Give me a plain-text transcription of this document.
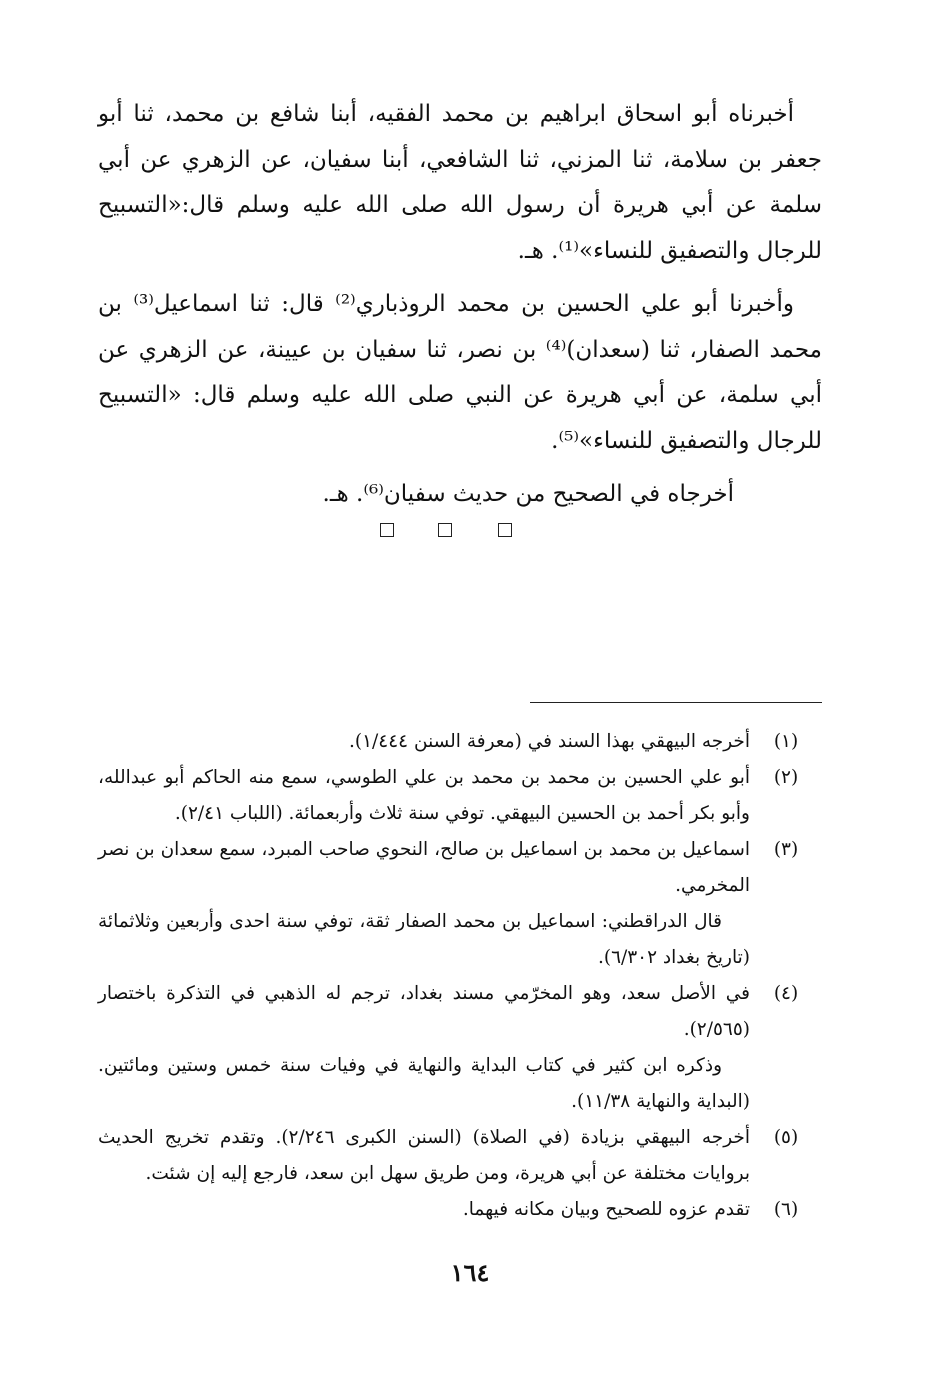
أخبرناه أبو اسحاق ابراهيم بن محمد الفقيه، أبنا شافع بن محمد، ثنا أبو جعفر بن سلامة، ثنا المزني، ثنا الشافعي، أبنا سفيان، عن الزهري عن أبي سلمة عن أبي هريرة أن رسول الله صلى الله عليه وسلم قال:«التسبيح للرجال والتصفيق للنساء»⁽¹⁾. هـ.

وأخبرنا أبو علي الحسين بن محمد الروذباري⁽²⁾ قال: ثنا اسماعيل⁽³⁾ بن محمد الصفار، ثنا (سعدان)⁽⁴⁾ بن نصر، ثنا سفيان بن عيينة، عن الزهري عن أبي سلمة، عن أبي هريرة عن النبي صلى الله عليه وسلم قال: «التسبيح للرجال والتصفيق للنساء»⁽⁵⁾.

أخرجاه في الصحيح من حديث سفيان⁽⁶⁾. هـ.

(١)
أخرجه البيهقي بهذا السند في (معرفة السنن ١/٤٤٤).
(٢)
أبو علي الحسين بن محمد بن محمد بن علي الطوسي، سمع منه الحاكم أبو عبدالله، وأبو بكر أحمد بن الحسين البيهقي. توفي سنة ثلاث وأربعمائة. (اللباب ٢/٤١).
(٣)
اسماعيل بن محمد بن اسماعيل بن صالح، النحوي صاحب المبرد، سمع سعدان بن نصر المخرمي.
قال الدراقطني: اسماعيل بن محمد الصفار ثقة، توفي سنة احدى وأربعين وثلاثمائة (تاريخ بغداد ٦/٣٠٢).
(٤)
في الأصل سعد، وهو المخرّمي مسند بغداد، ترجم له الذهبي في التذكرة باختصار (٢/٥٦٥).
وذكره ابن كثير في كتاب البداية والنهاية في وفيات سنة خمس وستين ومائتين. (البداية والنهاية ١١/٣٨).
(٥)
أخرجه البيهقي بزيادة (في الصلاة) (السنن الكبرى ٢/٢٤٦). وتقدم تخريج الحديث بروايات مختلفة عن أبي هريرة، ومن طريق سهل ابن سعد، فارجع إليه إن شئت.
(٦)
تقدم عزوه للصحيح وبيان مكانه فيهما.
١٦٤
